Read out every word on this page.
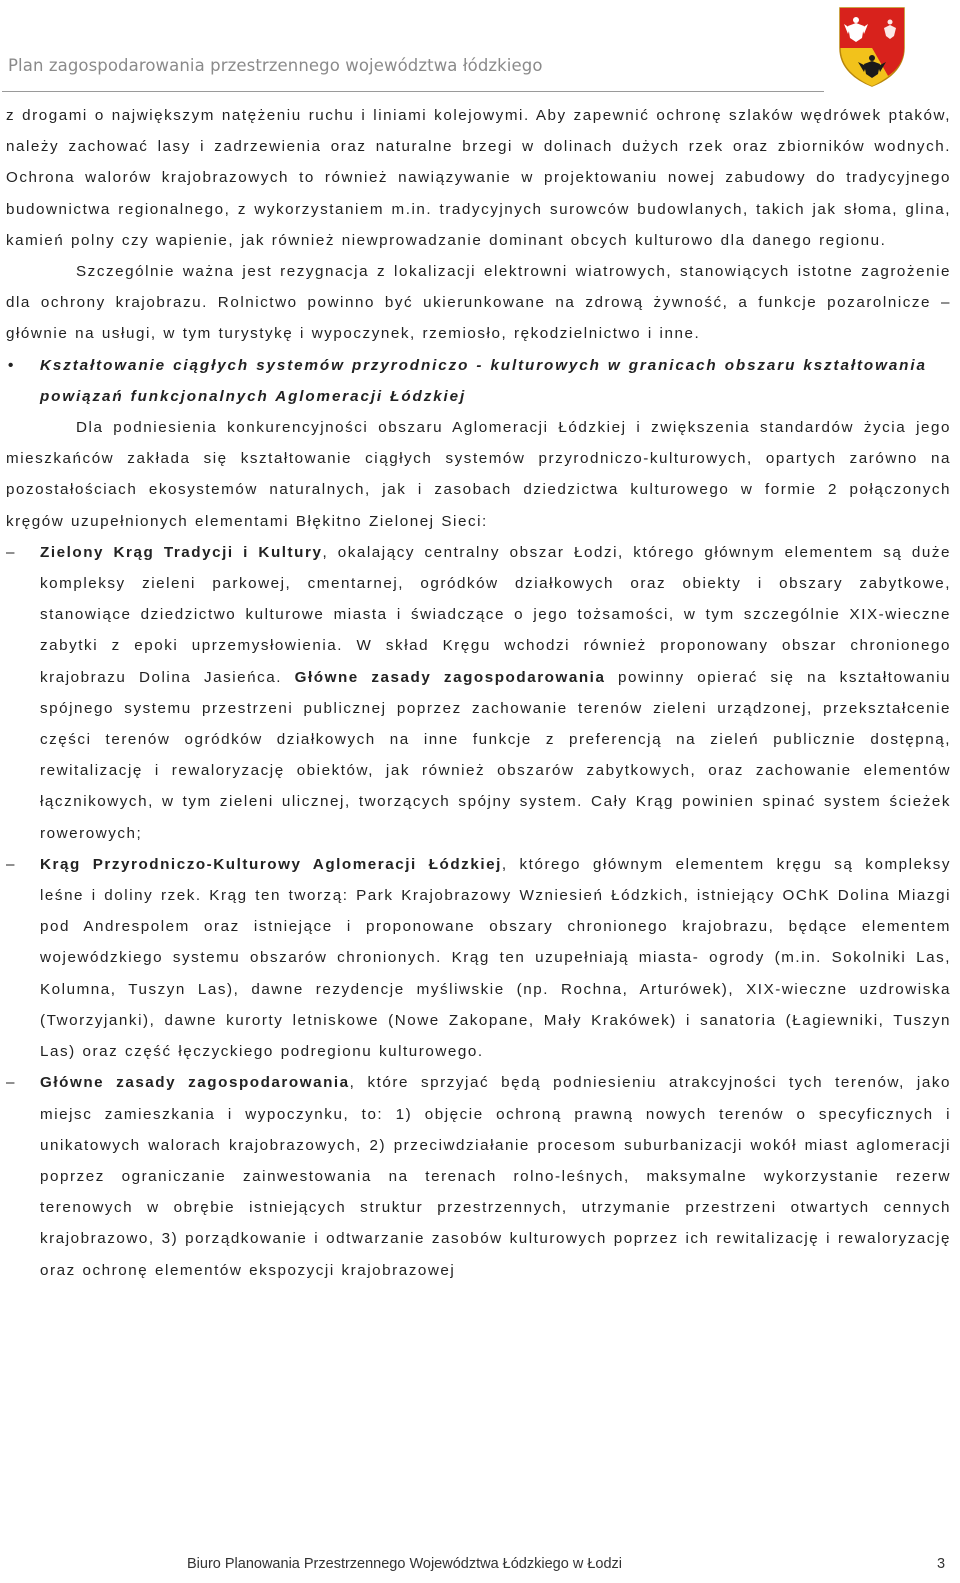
Plan zagospodarowania przestrzennego województwa łódzkiego

z drogami o największym natężeniu ruchu i liniami kolejowymi. Aby zapewnić ochronę szlaków wędrówek ptaków, należy zachować lasy i zadrzewienia oraz naturalne brzegi w dolinach dużych rzek oraz zbiorników wodnych. Ochrona walorów krajobrazowych to również nawiązywanie w projektowaniu nowej zabudowy do tradycyjnego budownictwa regionalnego, z wykorzystaniem m.in. tradycyjnych surowców budowlanych, takich jak słoma, glina, kamień polny czy wapienie, jak również niewprowadzanie dominant obcych kulturowo dla danego regionu.

Szczególnie ważna jest rezygnacja z lokalizacji elektrowni wiatrowych, stanowiących istotne zagrożenie dla ochrony krajobrazu. Rolnictwo powinno być ukierunkowane na zdrową żywność, a funkcje pozarolnicze – głównie na usługi, w tym turystykę i wypoczynek, rzemiosło, rękodzielnictwo i inne.

• Kształtowanie ciągłych systemów przyrodniczo - kulturowych w granicach obszaru kształtowania powiązań funkcjonalnych Aglomeracji Łódzkiej

Dla podniesienia konkurencyjności obszaru Aglomeracji Łódzkiej i zwiększenia standardów życia jego mieszkańców zakłada się kształtowanie ciągłych systemów przyrodniczo-kulturowych, opartych zarówno na pozostałościach ekosystemów naturalnych, jak i zasobach dziedzictwa kulturowego w formie 2 połączonych kręgów uzupełnionych elementami Błękitno Zielonej Sieci:

– Zielony Krąg Tradycji i Kultury, okalający centralny obszar Łodzi, którego głównym elementem są duże kompleksy zieleni parkowej, cmentarnej, ogródków działkowych oraz obiekty i obszary zabytkowe, stanowiące dziedzictwo kulturowe miasta i świadczące o jego tożsamości, w tym szczególnie XIX-wieczne zabytki z epoki uprzemysłowienia. W skład Kręgu wchodzi również proponowany obszar chronionego krajobrazu Dolina Jasieńca. Główne zasady zagospodarowania powinny opierać się na kształtowaniu spójnego systemu przestrzeni publicznej poprzez zachowanie terenów zieleni urządzonej, przekształcenie części terenów ogródków działkowych na inne funkcje z preferencją na zieleń publicznie dostępną, rewitalizację i rewaloryzację obiektów, jak również obszarów zabytkowych, oraz zachowanie elementów łącznikowych, w tym zieleni ulicznej, tworzących spójny system. Cały Krąg powinien spinać system ścieżek rowerowych;

– Krąg Przyrodniczo-Kulturowy Aglomeracji Łódzkiej, którego głównym elementem kręgu są kompleksy leśne i doliny rzek. Krąg ten tworzą: Park Krajobrazowy Wzniesień Łódzkich, istniejący OChK Dolina Miazgi pod Andrespolem oraz istniejące i proponowane obszary chronionego krajobrazu, będące elementem wojewódzkiego systemu obszarów chronionych. Krąg ten uzupełniają miasta- ogrody (m.in. Sokolniki Las, Kolumna, Tuszyn Las), dawne rezydencje myśliwskie (np. Rochna, Arturówek), XIX-wieczne uzdrowiska (Tworzyjanki), dawne kurorty letniskowe (Nowe Zakopane, Mały Krakówek) i sanatoria (Łagiewniki, Tuszyn Las) oraz część łęczyckiego podregionu kulturowego.

– Główne zasady zagospodarowania, które sprzyjać będą podniesieniu atrakcyjności tych terenów, jako miejsc zamieszkania i wypoczynku, to: 1) objęcie ochroną prawną nowych terenów o specyficznych i unikatowych walorach krajobrazowych, 2) przeciwdziałanie procesom suburbanizacji wokół miast aglomeracji poprzez ograniczanie zainwestowania na terenach rolno-leśnych, maksymalne wykorzystanie rezerw terenowych w obrębie istniejących struktur przestrzennych, utrzymanie przestrzeni otwartych cennych krajobrazowo, 3) porządkowanie i odtwarzanie zasobów kulturowych poprzez ich rewitalizację i rewaloryzację oraz ochronę elementów ekspozycji krajobrazowej

Biuro Planowania Przestrzennego Województwa Łódzkiego w Łodzi	3
